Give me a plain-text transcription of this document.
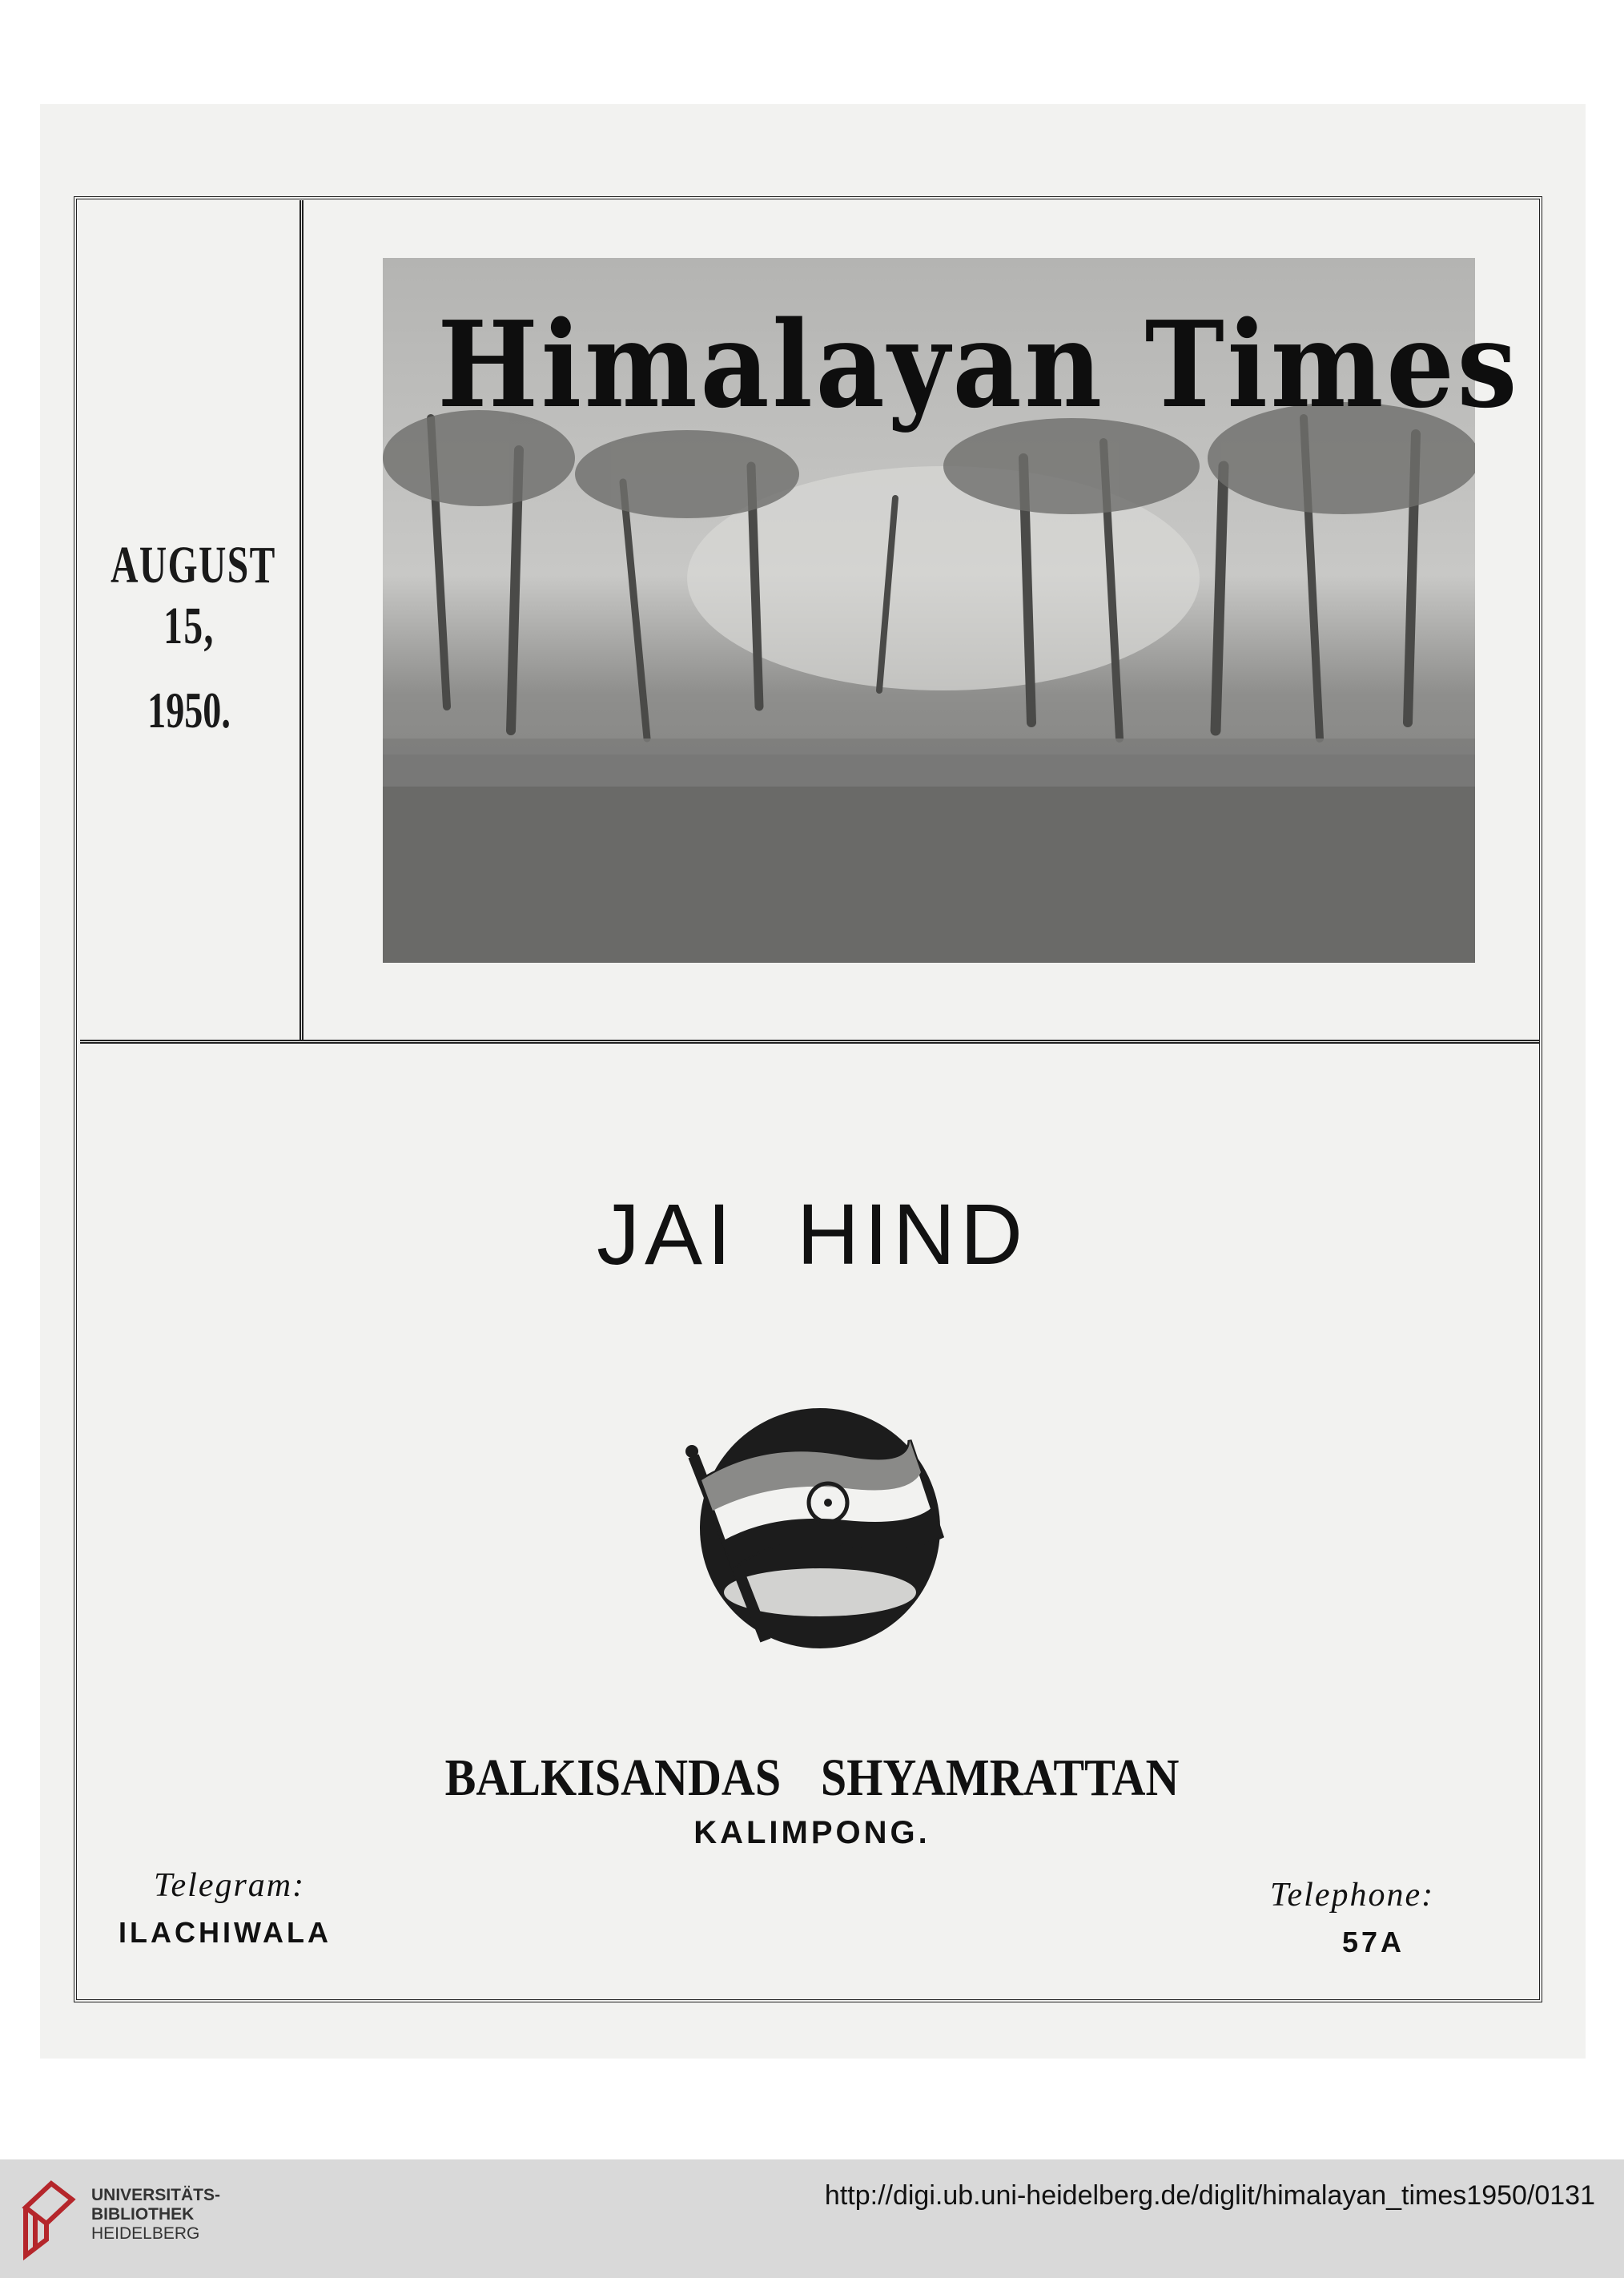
AUGUST 15,
1950.
Himalayan Times
JAI HIND
BALKISANDAS SHYAMRATTAN
KALIMPONG.
Telegram:
ILACHIWALA
Telephone:
57A
UNIVERSITÄTS-
BIBLIOTHEK
HEIDELBERG
http://digi.ub.uni-heidelberg.de/diglit/himalayan_times1950/0131
